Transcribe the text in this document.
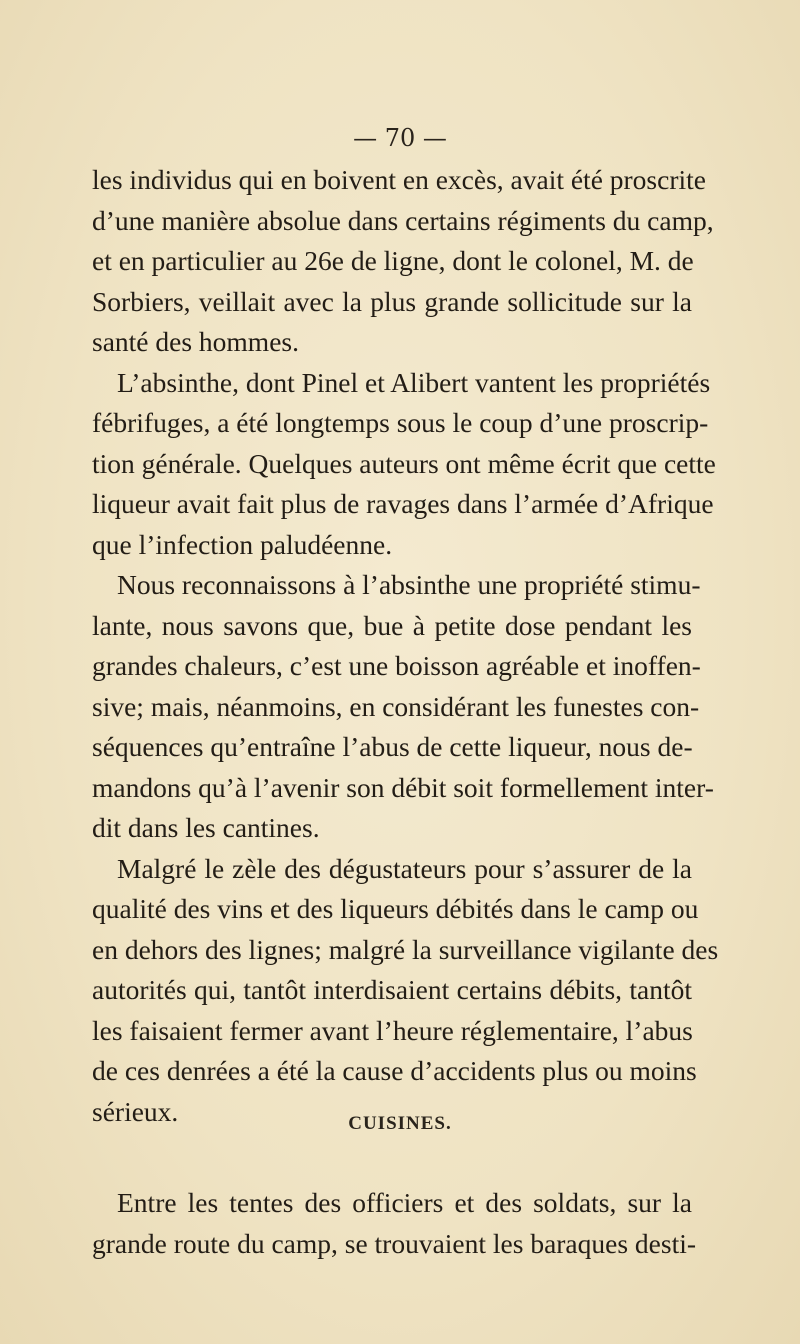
— 70 —
les individus qui en boivent en excès, avait été proscrite
d’une manière absolue dans certains régiments du camp,
et en particulier au 26e de ligne, dont le colonel, M. de
Sorbiers, veillait avec la plus grande sollicitude sur la
santé des hommes.
L’absinthe, dont Pinel et Alibert vantent les propriétés
fébrifuges, a été longtemps sous le coup d’une proscrip-
tion générale. Quelques auteurs ont même écrit que cette
liqueur avait fait plus de ravages dans l’armée d’Afrique
que l’infection paludéenne.
Nous reconnaissons à l’absinthe une propriété stimu-
lante, nous savons que, bue à petite dose pendant les
grandes chaleurs, c’est une boisson agréable et inoffen-
sive; mais, néanmoins, en considérant les funestes con-
séquences qu’entraîne l’abus de cette liqueur, nous de-
mandons qu’à l’avenir son débit soit formellement inter-
dit dans les cantines.
Malgré le zèle des dégustateurs pour s’assurer de la
qualité des vins et des liqueurs débités dans le camp ou
en dehors des lignes; malgré la surveillance vigilante des
autorités qui, tantôt interdisaient certains débits, tantôt
les faisaient fermer avant l’heure réglementaire, l’abus
de ces denrées a été la cause d’accidents plus ou moins
sérieux.	CUISINES.
Entre les tentes des officiers et des soldats, sur la
grande route du camp, se trouvaient les baraques desti-
